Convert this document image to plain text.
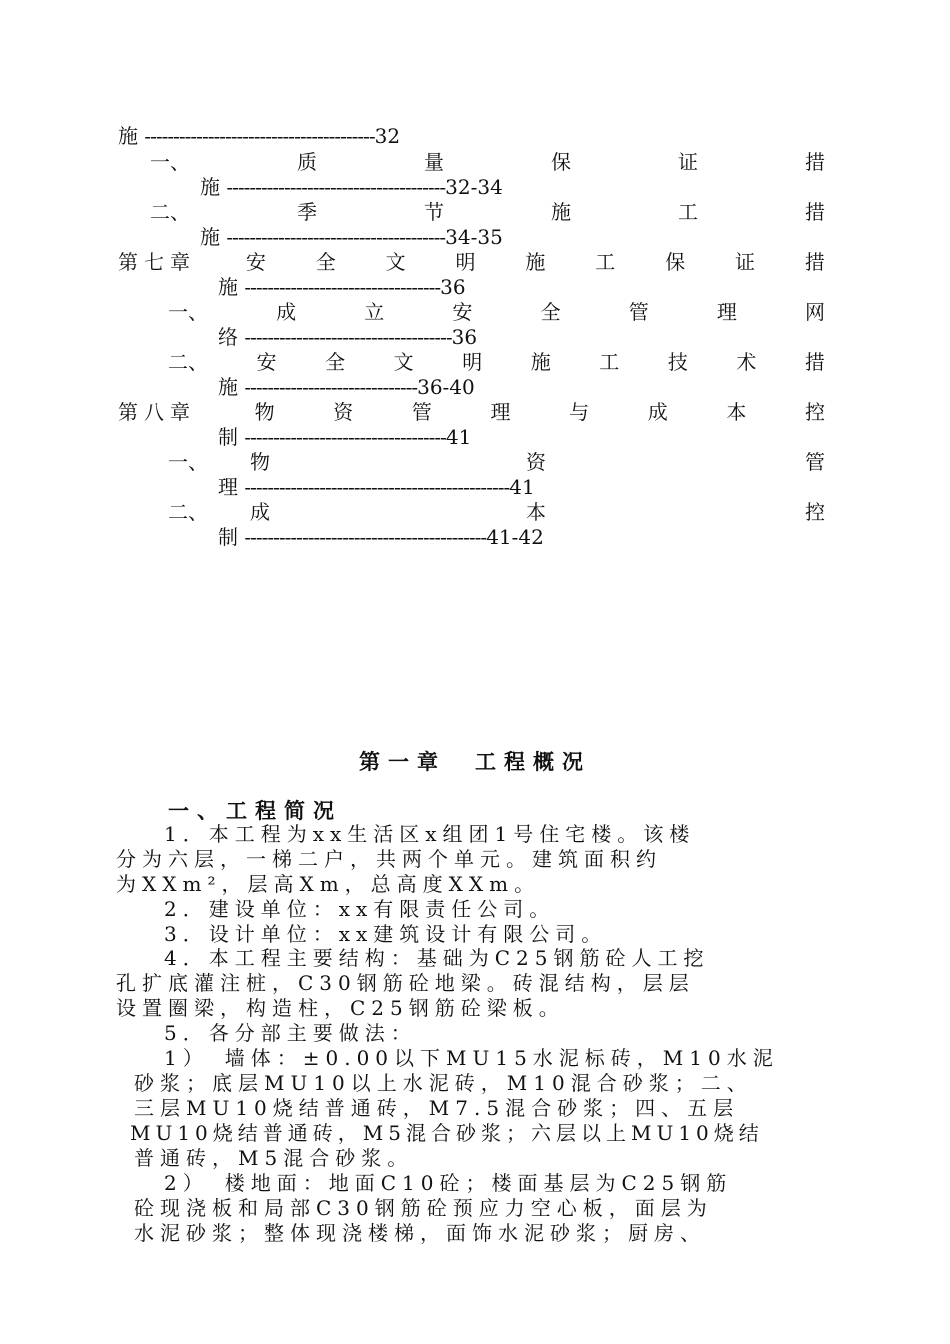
施 ----------------------------------------32
一、	质	量	保	证	措
施 --------------------------------------32-34
二、	季	节	施	工	措
施 --------------------------------------34-35
第七章 安 全 文 明 施 工 保 证 措
施 ----------------------------------36
一、	成	立	安	全	管	理	网
络 ------------------------------------36
二、 安 全 文 明 施 工 技 术 措
施 ------------------------------36-40
第八章	物	资	管	理	与	成	本	控
制 -----------------------------------41
一、 物	资	管
理 ----------------------------------------------41
二、 成	本	控
制 ------------------------------------------41-42
第一章　工程概况
一、工程简况
1．本工程为xx生活区x组团1号住宅楼。该楼
分为六层，一梯二户，共两个单元。建筑面积约
为XXm²，层高Xm，总高度XXm。
2．建设单位：xx有限责任公司。
3．设计单位：xx建筑设计有限公司。
4．本工程主要结构：基础为C25钢筋砼人工挖
孔扩底灌注桩，C30钢筋砼地梁。砖混结构，层层
设置圈梁，构造柱，C25钢筋砼梁板。
5．各分部主要做法：
1）　墙体：±0.00以下MU15水泥标砖，M10水泥
砂浆；底层MU10以上水泥砖，M10混合砂浆；二、
三层MU10烧结普通砖，M7.5混合砂浆；四、五层
MU10烧结普通砖，M5混合砂浆；六层以上MU10烧结
普通砖，M5混合砂浆。
2）　楼地面：地面C10砼；楼面基层为C25钢筋
砼现浇板和局部C30钢筋砼预应力空心板，面层为
水泥砂浆；整体现浇楼梯，面饰水泥砂浆；厨房、
